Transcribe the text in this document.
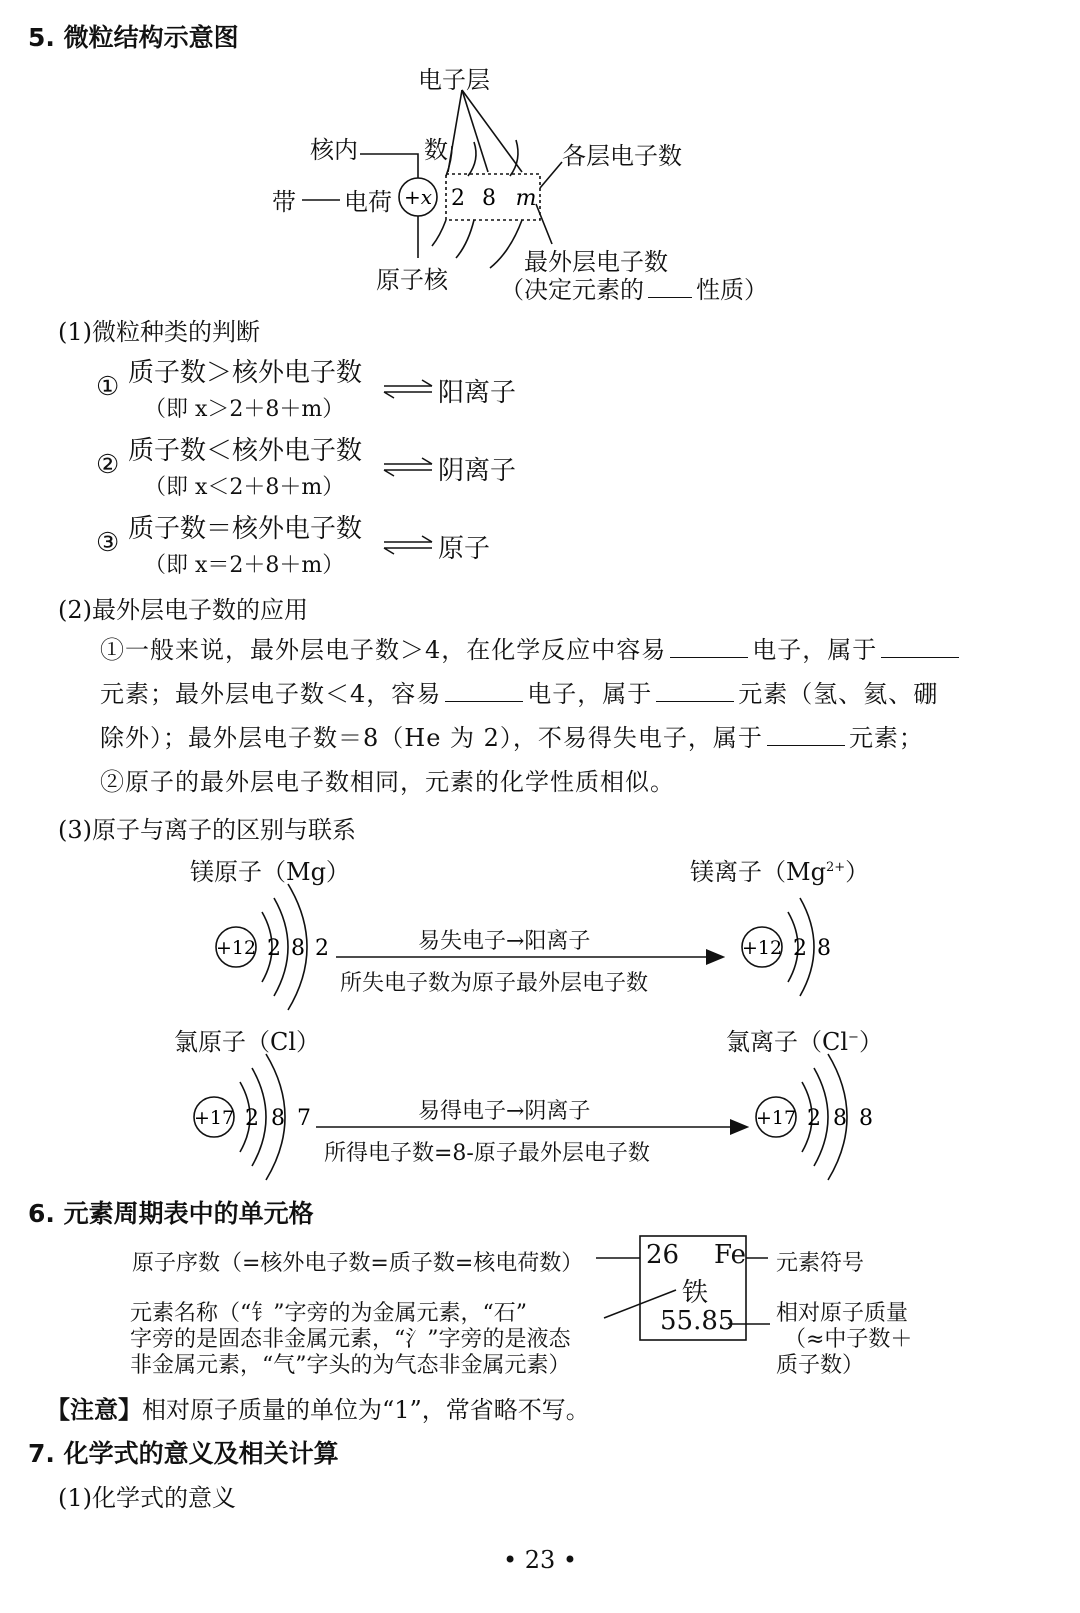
5. 微粒结构示意图
+x 2 8 m
电子层
核内	数	各层电子数
带 电荷
原子核
最外层电子数
（决定元素的 性质）
(1)微粒种类的判断
① 质子数＞核外电子数
（即 x＞2＋8＋m）
阳离子
② 质子数＜核外电子数
（即 x＜2＋8＋m）
阴离子
③ 质子数＝核外电子数
（即 x＝2＋8＋m）
原子
(2)最外层电子数的应用
①一般来说，最外层电子数＞4，在化学反应中容易	电子，属于
元素；最外层电子数＜4，容易	电子，属于	元素（氢、氦、硼
除外）；最外层电子数＝8（He 为 2），不易得失电子，属于	元素；
②原子的最外层电子数相同，元素的化学性质相似。
(3)原子与离子的区别与联系
镁原子（Mg）	镁离子$(Mg^{2+})$
氯原子（Cl）	氯离子（Cl−）
+12 2 8 2	+12 2 8
+17 2 8 7	+17 2 8 8
易失电子→阳离子
所失电子数为原子最外层电子数
易得电子→阴离子
所得电子数=8-原子最外层电子数
6. 元素周期表中的单元格
原子序数（=核外电子数=质子数=核电荷数） 26 Fe
铁
55.85
元素符号
元素名称（“钅”字旁的为金属元素，“石”
字旁的是固态非金属元素，“氵”字旁的是液态
非金属元素，“气”字头的为气态非金属元素）
相对原子质量
（≈中子数＋
质子数）
【注意】相对原子质量的单位为“1”，常省略不写。
7. 化学式的意义及相关计算
(1)化学式的意义
• 23 •
